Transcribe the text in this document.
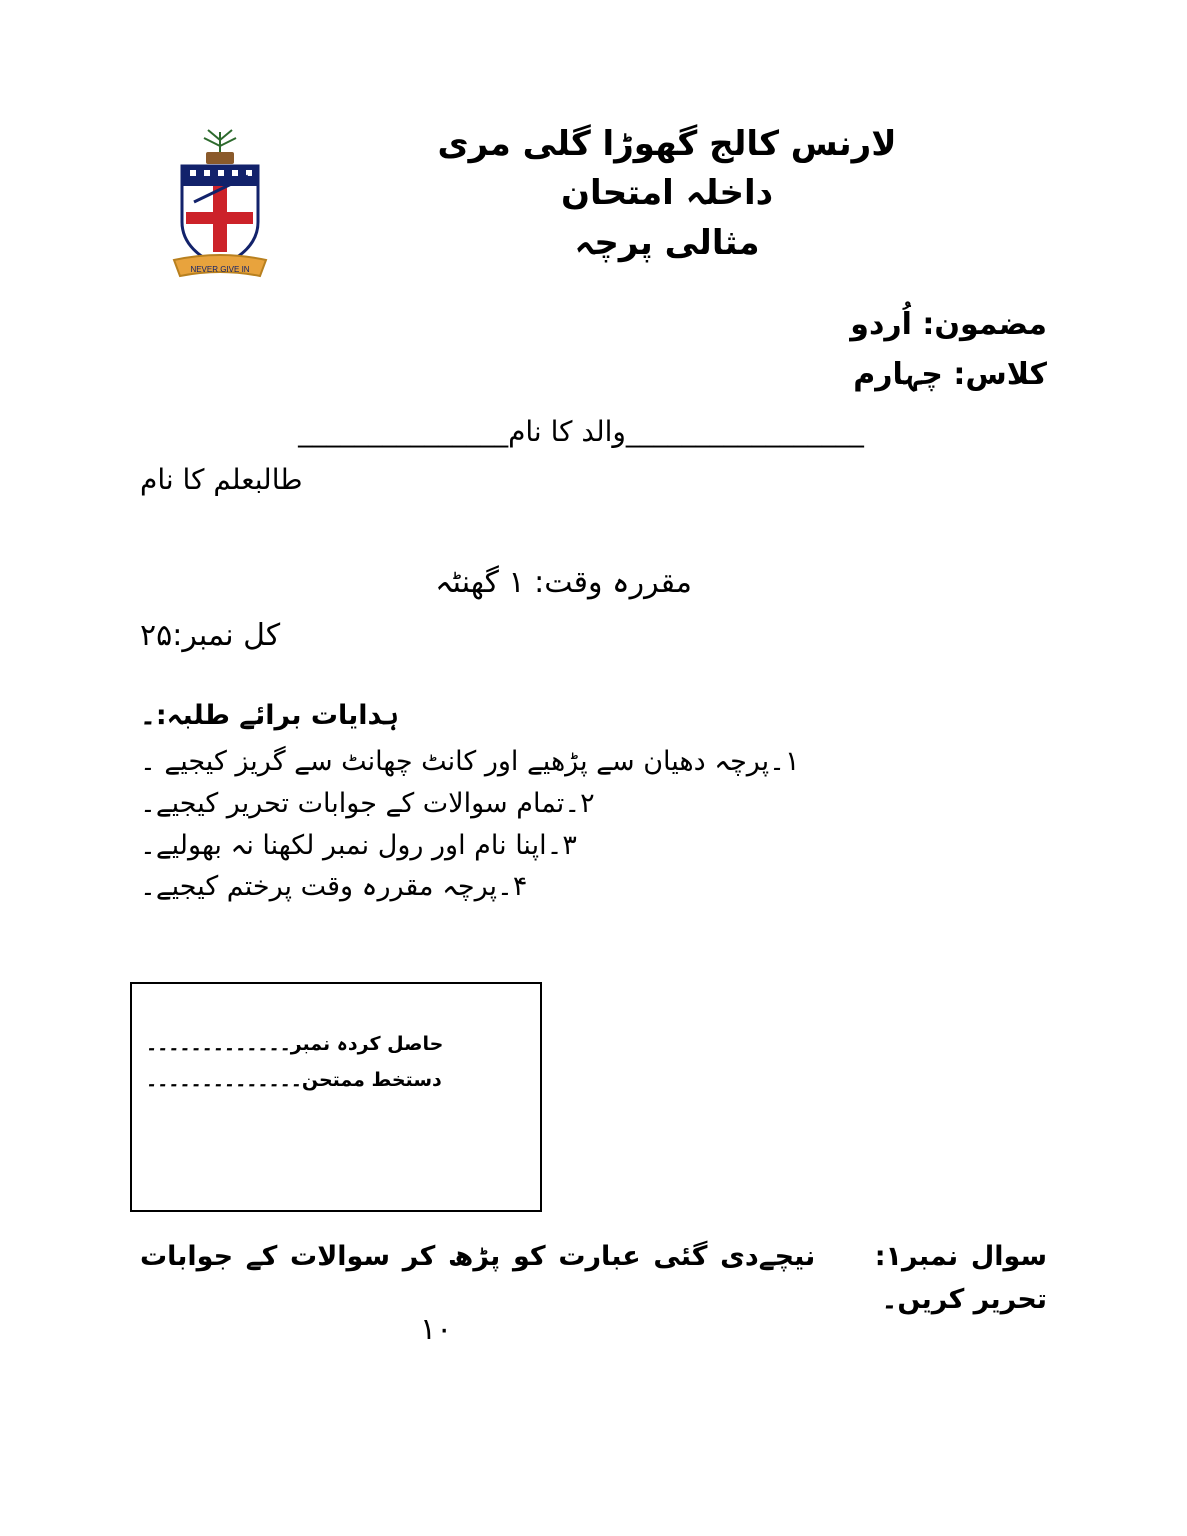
لارنس کالج گھوڑا گلی مری
داخلہ امتحان
مثالی پرچہ
NEVER GIVE IN
مضمون: اُردو
کلاس: چہارم
_________________والد کا نام_______________
طالبعلم کا نام
مقررہ وقت: ١ گھنٹہ
کل نمبر:٢۵
ہدایات برائے طلبہ:۔
١۔پرچہ دھیان سے پڑھیے اور کانٹ چھانٹ سے گریز کیجیے ۔
٢۔تمام سوالات کے جوابات تحریر کیجیے۔
٣۔اپنا نام اور رول نمبر لکھنا نہ بھولیے۔
۴۔پرچہ مقررہ وقت پرختم کیجیے۔
حاصل کردہ نمبر۔۔۔۔۔۔۔۔۔۔۔۔۔
دستخط ممتحن۔۔۔۔۔۔۔۔۔۔۔۔۔۔
سوال نمبر١:  نیچےدی گئی عبارت کو پڑھ کر سوالات کے جوابات تحریر کریں۔
١٠
